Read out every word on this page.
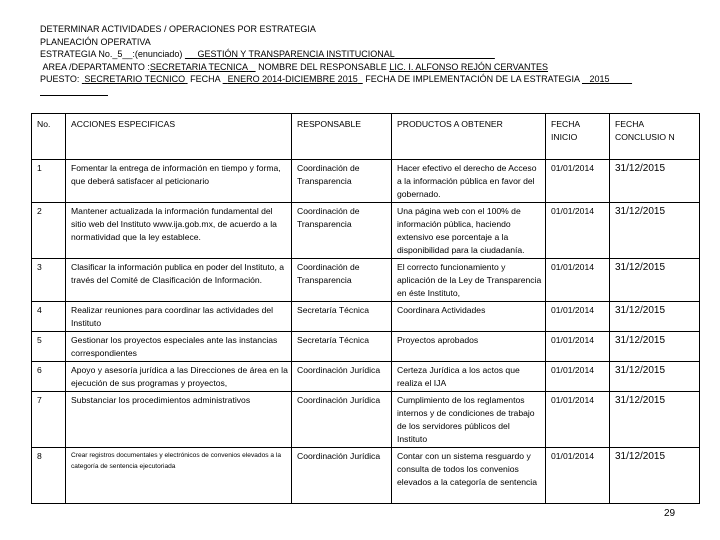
DETERMINAR ACTIVIDADES / OPERACIONES POR ESTRATEGIA
PLANEACIÓN OPERATIVA
ESTRATEGIA No._5__:(enunciado) GESTIÓN Y TRANSPARENCIA INSTITUCIONAL
AREA /DEPARTAMENTO :SECRETARIA TECNICA NOMBRE DEL RESPONSABLE LIC. I. ALFONSO REJÓN CERVANTES
PUESTO: SECRETARIO TECNICO FECHA ENERO 2014-DICIEMBRE 2015 FECHA DE IMPLEMENTACIÓN DE LA ESTRATEGIA 2015
No.	ACCIONES ESPECIFICAS	RESPONSABLE	PRODUCTOS A OBTENER	FECHA INICIO	FECHA CONCLUSIO N
1	Fomentar la entrega de información en tiempo y forma, que deberá satisfacer al peticionario	Coordinación de Transparencia	Hacer efectivo el derecho de Acceso a la información pública en favor del gobernado.	01/01/2014	31/12/2015
2	Mantener actualizada la información fundamental del sitio web del Instituto www.ija.gob.mx, de acuerdo a la normatividad que la ley establece.	Coordinación de Transparencia	Una página web con el 100% de información pública, haciendo extensivo ese porcentaje a la disponibilidad para la ciudadanía.	01/01/2014	31/12/2015
3	Clasificar la información publica en poder del Instituto, a través del Comité de Clasificación de Información.	Coordinación de Transparencia	El correcto funcionamiento y aplicación de la Ley de Transparencia en éste Instituto,	01/01/2014	31/12/2015
4	Realizar reuniones para coordinar las actividades del Instituto	Secretaría Técnica	Coordinara Actividades	01/01/2014	31/12/2015
5	Gestionar los proyectos especiales ante las instancias correspondientes	Secretaría Técnica	Proyectos aprobados	01/01/2014	31/12/2015
6	Apoyo y asesoría jurídica a las Direcciones de área en la ejecución de sus programas y proyectos,	Coordinación Jurídica	Certeza Jurídica a los actos que realiza el IJA	01/01/2014	31/12/2015
7	Substanciar los procedimientos administrativos	Coordinación Jurídica	Cumplimiento de los reglamentos internos y de condiciones de trabajo de los servidores públicos del Instituto	01/01/2014	31/12/2015
8	Crear registros documentales y electrónicos de convenios elevados a la categoría de sentencia ejecutoriada	Coordinación Jurídica	Contar con un sistema resguardo y consulta de todos los convenios elevados a la categoría de sentencia	01/01/2014	31/12/2015
29
